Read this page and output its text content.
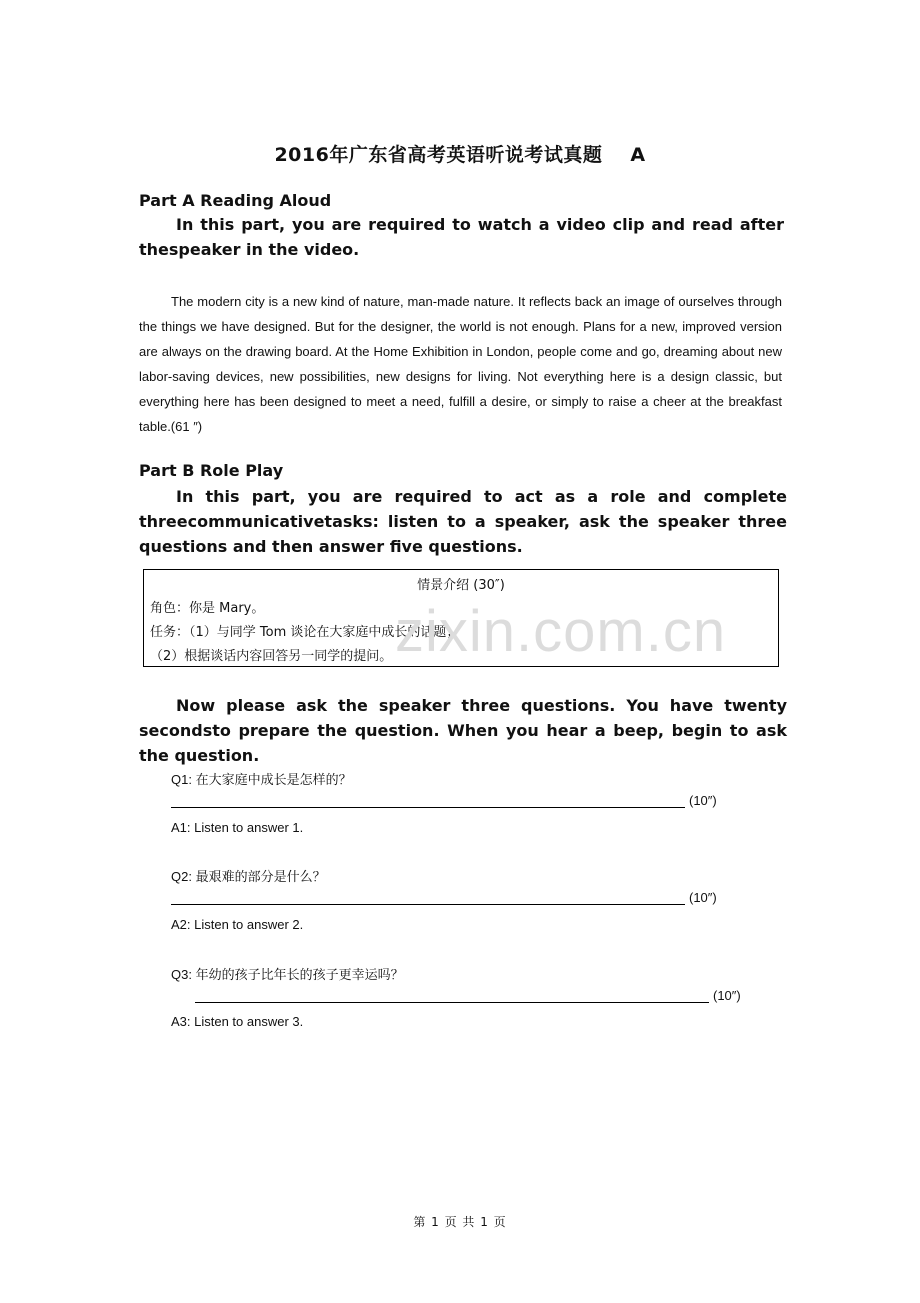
2016年广东省高考英语听说考试真题 A
Part A Reading Aloud
In this part, you are required to watch a video clip and read after thespeaker in the video.
The modern city is a new kind of nature, man-made nature. It reflects back an image of ourselves through the things we have designed. But for the designer, the world is not enough. Plans for a new, improved version are always on the drawing board. At the Home Exhibition in London, people come and go, dreaming about new labor-saving devices, new possibilities, new designs for living. Not everything here is a design classic, but everything here has been designed to meet a need, fulfill a desire, or simply to raise a cheer at the breakfast table.(61 ″)
Part B Role Play
In this part, you are required to act as a role and complete threecommunicativetasks: listen to a speaker, ask the speaker three questions and then answer five questions.
情景介绍 (30″)
角色：你是 Mary。
任务：（1）与同学 Tom 谈论在大家庭中成长的话题；
（2）根据谈话内容回答另一同学的提问。 zixin.com.cn
Now please ask the speaker three questions. You have twenty secondsto prepare the question. When you hear a beep, begin to ask the question.
Q1: 在大家庭中成长是怎样的？
(10″)
A1: Listen to answer 1.
Q2: 最艰难的部分是什么？
(10″)
A2: Listen to answer 2.
Q3: 年幼的孩子比年长的孩子更幸运吗？
(10″)
A3: Listen to answer 3.
第 1 页 共 1 页
